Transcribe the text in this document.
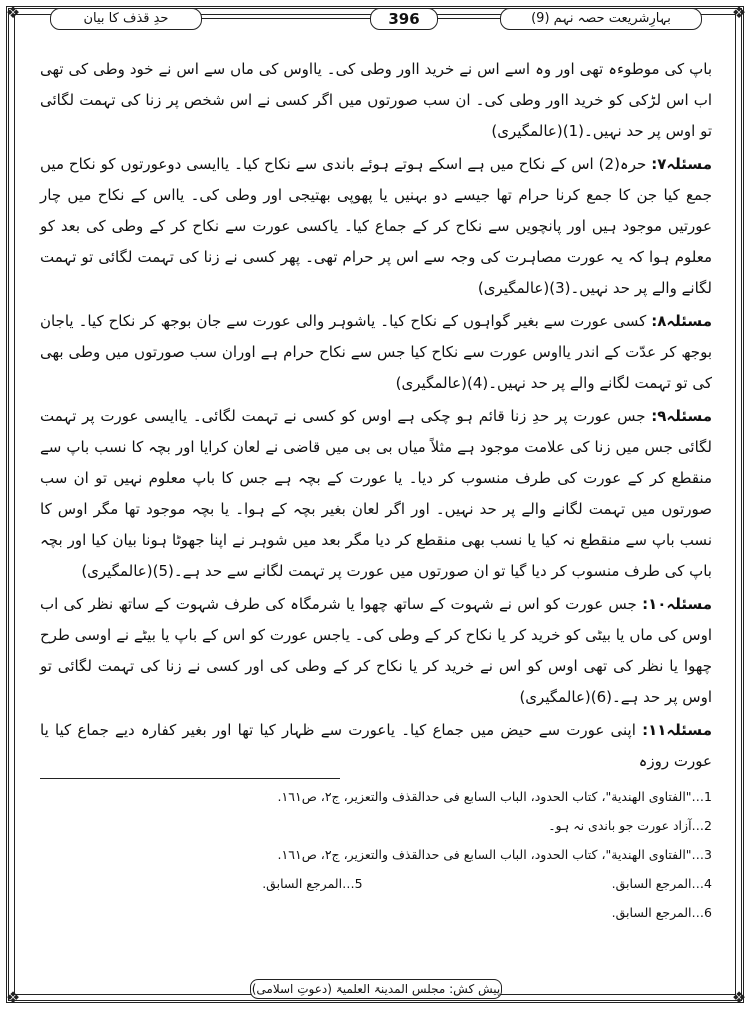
❖	❖
❖	❖
بہارِشریعت حصہ نہم (9)
396
حدِ قذف کا بیان

باپ کی موطوءہ تھی اور وہ اسے اس نے خرید ااور وطی کی۔ یااوس کی ماں سے اس نے خود وطی کی تھی اب اس لڑکی کو خرید ااور وطی کی۔ ان سب صورتوں میں اگر کسی نے اس شخص پر زنا کی تہمت لگائی تو اوس پر حد نہیں۔(1)(عالمگیری)

مسئلہ۷: حرہ(2) اس کے نکاح میں ہے اسکے ہوتے ہوئے باندی سے نکاح کیا۔ یاایسی دوعورتوں کو نکاح میں جمع کیا جن کا جمع کرنا حرام تھا جیسے دو بہنیں یا پھوپی بھتیجی اور وطی کی۔ یااس کے نکاح میں چار عورتیں موجود ہیں اور پانچویں سے نکاح کر کے جماع کیا۔ یاکسی عورت سے نکاح کر کے وطی کی بعد کو معلوم ہوا کہ یہ عورت مصاہرت کی وجہ سے اس پر حرام تھی۔ پھر کسی نے زنا کی تہمت لگائی تو تہمت لگانے والے پر حد نہیں۔(3)(عالمگیری)

مسئلہ۸: کسی عورت سے بغیر گواہوں کے نکاح کیا۔ یاشوہر والی عورت سے جان بوجھ کر نکاح کیا۔ یاجان بوجھ کر عدّت کے اندر یااوس عورت سے نکاح کیا جس سے نکاح حرام ہے اوران سب صورتوں میں وطی بھی کی تو تہمت لگانے والے پر حد نہیں۔(4)(عالمگیری)

مسئلہ۹: جس عورت پر حدِ زنا قائم ہو چکی ہے اوس کو کسی نے تہمت لگائی۔ یاایسی عورت پر تہمت لگائی جس میں زنا کی علامت موجود ہے مثلاً میاں بی بی میں قاضی نے لعان کرایا اور بچہ کا نسب باپ سے منقطع کر کے عورت کی طرف منسوب کر دیا۔ یا عورت کے بچہ ہے جس کا باپ معلوم نہیں تو ان سب صورتوں میں تہمت لگانے والے پر حد نہیں۔ اور اگر لعان بغیر بچہ کے ہوا۔ یا بچہ موجود تھا مگر اوس کا نسب باپ سے منقطع نہ کیا یا نسب بھی منقطع کر دیا مگر بعد میں شوہر نے اپنا جھوٹا ہونا بیان کیا اور بچہ باپ کی طرف منسوب کر دیا گیا تو ان صورتوں میں عورت پر تہمت لگانے سے حد ہے۔(5)(عالمگیری)

مسئلہ۱۰: جس عورت کو اس نے شہوت کے ساتھ چھوا یا شرمگاہ کی طرف شہوت کے ساتھ نظر کی اب اوس کی ماں یا بیٹی کو خرید کر یا نکاح کر کے وطی کی۔ یاجس عورت کو اس کے باپ یا بیٹے نے اوسی طرح چھوا یا نظر کی تھی اوس کو اس نے خرید کر یا نکاح کر کے وطی کی اور کسی نے زنا کی تہمت لگائی تو اوس پر حد ہے۔(6)(عالمگیری)

مسئلہ۱۱: اپنی عورت سے حیض میں جماع کیا۔ یاعورت سے ظہار کیا تھا اور بغیر کفارہ دیے جماع کیا یا عورت روزہ

1…"الفتاوی الهندیة"، کتاب الحدود، الباب السابع فی حدالقذف والتعزیر، ج٢، ص١٦١.

2…آزاد عورت جو باندی نہ ہو۔

3…"الفتاوی الهندیة"، کتاب الحدود، الباب السابع فی حدالقذف والتعزیر، ج٢، ص١٦١.

4…المرجع السابق.
5…المرجع السابق.

6…المرجع السابق.

پیش کش: مجلس المدینۃ العلمیۃ (دعوتِ اسلامی)
